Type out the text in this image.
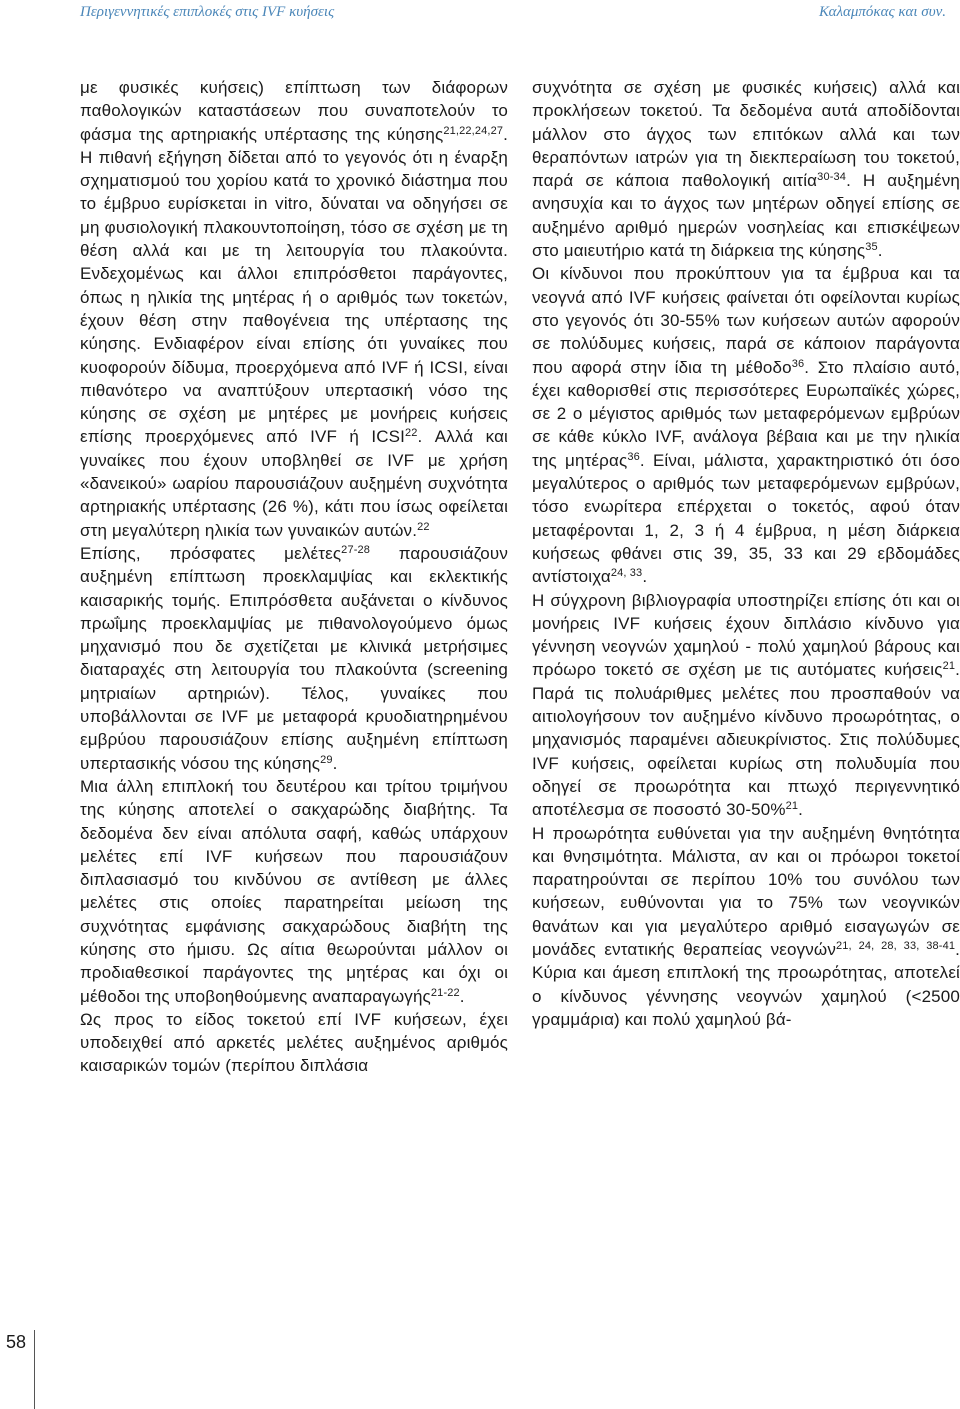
Περιγεννητικές επιπλοκές στις IVF κυήσεις	Καλαμπόκας και συν.

με φυσικές κυήσεις) επίπτωση των διάφορων παθολογικών καταστάσεων που συναποτελούν το φάσμα της αρτηριακής υπέρτασης της κύησης$^{21,22,24,27}$. Η πιθανή εξήγηση δίδεται από το γεγονός ότι η έναρξη σχηματισμού του χορίου κατά το χρονικό διάστημα που το έμβρυο ευρίσκεται in vitro, δύναται να οδηγήσει σε μη φυσιολογική πλακουντοποίηση, τόσο σε σχέση με τη θέση αλλά και με τη λειτουργία του πλακούντα. Ενδεχομένως και άλλοι επιπρόσθετοι παράγοντες, όπως η ηλικία της μητέρας ή ο αριθμός των τοκετών, έχουν θέση στην παθογένεια της υπέρτασης της κύησης. Ενδιαφέρον είναι επίσης ότι γυναίκες που κυοφορούν δίδυμα, προερχόμενα από IVF ή ICSI, είναι πιθανότερο να αναπτύξουν υπερτασική νόσο της κύησης σε σχέση με μητέρες με μονήρεις κυήσεις επίσης προερχόμενες από IVF ή ICSI$^{22}$. Αλλά και γυναίκες που έχουν υποβληθεί σε IVF με χρήση «δανεικού» ωαρίου παρουσιάζουν αυξημένη συχνότητα αρτηριακής υπέρτασης (26 %), κάτι που ίσως οφείλεται στη μεγαλύτερη ηλικία των γυναικών αυτών.$^{22}$

Επίσης, πρόσφατες μελέτες$^{27-28}$ παρουσιάζουν αυξημένη επίπτωση προεκλαμψίας και εκλεκτικής καισαρικής τομής. Επιπρόσθετα αυξάνεται ο κίνδυνος πρωΐμης προεκλαμψίας με πιθανολογούμενο όμως μηχανισμό που δε σχετίζεται με κλινικά μετρήσιμες διαταραχές στη λειτουργία του πλακούντα (screening μητριαίων αρτηριών). Τέλος, γυναίκες που υποβάλλονται σε IVF με μεταφορά κρυοδιατηρημένου εμβρύου παρουσιάζουν επίσης αυξημένη επίπτωση υπερτασικής νόσου της κύησης$^{29}$.

Μια άλλη επιπλοκή του δευτέρου και τρίτου τριμήνου της κύησης αποτελεί ο σακχαρώδης διαβήτης. Τα δεδομένα δεν είναι απόλυτα σαφή, καθώς υπάρχουν μελέτες επί IVF κυήσεων που παρουσιάζουν διπλασιασμό του κινδύνου σε αντίθεση με άλλες μελέτες στις οποίες παρατηρείται μείωση της συχνότητας εμφάνισης σακχαρώδους διαβήτη της κύησης στο ήμισυ. Ως αίτια θεωρούνται μάλλον οι προδιαθεσικοί παράγοντες της μητέρας και όχι οι μέθοδοι της υποβοηθούμενης αναπαραγωγής$^{21-22}$.

Ως προς το είδος τοκετού επί IVF κυήσεων, έχει υποδειχθεί από αρκετές μελέτες αυξημένος αριθμός καισαρικών τομών (περίπου διπλάσια

συχνότητα σε σχέση με φυσικές κυήσεις) αλλά και προκλήσεων τοκετού. Τα δεδομένα αυτά αποδίδονται μάλλον στο άγχος των επιτόκων αλλά και των θεραπόντων ιατρών για τη διεκπεραίωση του τοκετού, παρά σε κάποια παθολογική αιτία$^{30-34}$. Η αυξημένη ανησυχία και το άγχος των μητέρων οδηγεί επίσης σε αυξημένο αριθμό ημερών νοσηλείας και επισκέψεων στο μαιευτήριο κατά τη διάρκεια της κύησης$^{35}$.

Οι κίνδυνοι που προκύπτουν για τα έμβρυα και τα νεογνά από IVF κυήσεις φαίνεται ότι οφείλονται κυρίως στο γεγονός ότι 30-55% των κυήσεων αυτών αφορούν σε πολύδυμες κυήσεις, παρά σε κάποιον παράγοντα που αφορά στην ίδια τη μέθοδο$^{36}$. Στο πλαίσιο αυτό, έχει καθορισθεί στις περισσότερες Ευρωπαϊκές χώρες, σε 2 ο μέγιστος αριθμός των μεταφερόμενων εμβρύων σε κάθε κύκλο IVF, ανάλογα βέβαια και με την ηλικία της μητέρας$^{36}$. Είναι, μάλιστα, χαρακτηριστικό ότι όσο μεγαλύτερος ο αριθμός των μεταφερόμενων εμβρύων, τόσο ενωρίτερα επέρχεται ο τοκετός, αφού όταν μεταφέρονται 1, 2, 3 ή 4 έμβρυα, η μέση διάρκεια κυήσεως φθάνει στις 39, 35, 33 και 29 εβδομάδες αντίστοιχα$^{24, 33}$.

Η σύγχρονη βιβλιογραφία υποστηρίζει επίσης ότι και οι μονήρεις IVF κυήσεις έχουν διπλάσιο κίνδυνο για γέννηση νεογνών χαμηλού - πολύ χαμηλού βάρους και πρόωρο τοκετό σε σχέση με τις αυτόματες κυήσεις$^{21}$. Παρά τις πολυάριθμες μελέτες που προσπαθούν να αιτιολογήσουν τον αυξημένο κίνδυνο προωρότητας, ο μηχανισμός παραμένει αδιευκρίνιστος. Στις πολύδυμες IVF κυήσεις, οφείλεται κυρίως στη πολυδυμία που οδηγεί σε προωρότητα και πτωχό περιγεννητικό αποτέλεσμα σε ποσοστό 30-50%$^{21}$.

Η προωρότητα ευθύνεται για την αυξημένη θνητότητα και θνησιμότητα. Μάλιστα, αν και οι πρόωροι τοκετοί παρατηρούνται σε περίπου 10% του συνόλου των κυήσεων, ευθύνονται για το 75% των νεογνικών θανάτων και για μεγαλύτερο αριθμό εισαγωγών σε μονάδες εντατικής θεραπείας νεογνών$^{21, 24, 28, 33, 38-41}$. Κύρια και άμεση επιπλοκή της προωρότητας, αποτελεί ο κίνδυνος γέννησης νεογνών χαμηλού (<2500 γραμμάρια) και πολύ χαμηλού βά-

58
